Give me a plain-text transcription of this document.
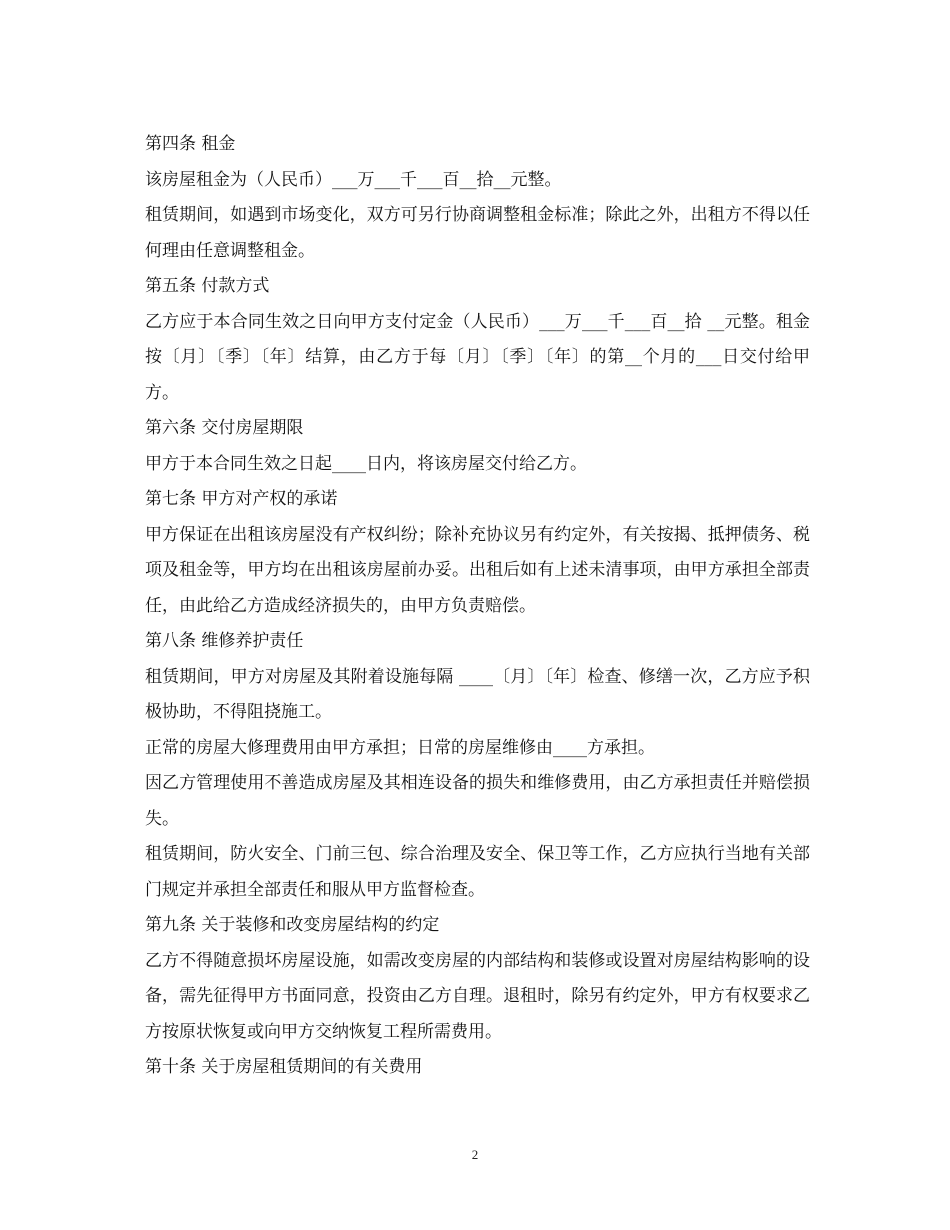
第四条 租金

该房屋租金为（人民币）___万___千___百__拾__元整。

租赁期间，如遇到市场变化，双方可另行协商调整租金标准；除此之外，出租方不得以任何理由任意调整租金。

第五条 付款方式

乙方应于本合同生效之日向甲方支付定金（人民币）___万___千___百__拾 __元整。租金按〔月〕〔季〕〔年〕结算，由乙方于每〔月〕〔季〕〔年〕的第__个月的___日交付给甲方。

第六条 交付房屋期限

甲方于本合同生效之日起____日内，将该房屋交付给乙方。

第七条 甲方对产权的承诺

甲方保证在出租该房屋没有产权纠纷；除补充协议另有约定外，有关按揭、抵押债务、税项及租金等，甲方均在出租该房屋前办妥。出租后如有上述未清事项，由甲方承担全部责任，由此给乙方造成经济损失的，由甲方负责赔偿。

第八条 维修养护责任

租赁期间，甲方对房屋及其附着设施每隔 ____〔月〕〔年〕检查、修缮一次，乙方应予积极协助，不得阻挠施工。

正常的房屋大修理费用由甲方承担；日常的房屋维修由____方承担。

因乙方管理使用不善造成房屋及其相连设备的损失和维修费用，由乙方承担责任并赔偿损失。

租赁期间，防火安全、门前三包、综合治理及安全、保卫等工作，乙方应执行当地有关部门规定并承担全部责任和服从甲方监督检查。

第九条 关于装修和改变房屋结构的约定

乙方不得随意损坏房屋设施，如需改变房屋的内部结构和装修或设置对房屋结构影响的设备，需先征得甲方书面同意，投资由乙方自理。退租时，除另有约定外，甲方有权要求乙方按原状恢复或向甲方交纳恢复工程所需费用。

第十条 关于房屋租赁期间的有关费用

2
